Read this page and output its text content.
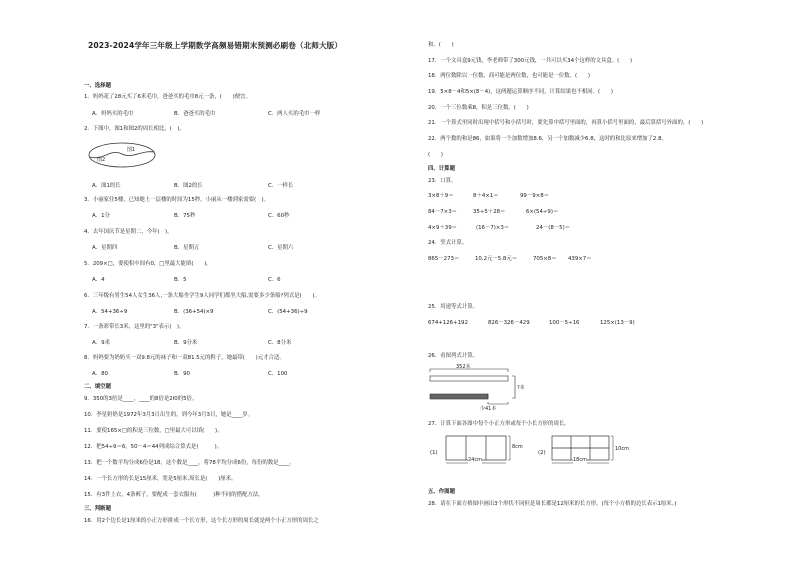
2023-2024学年三年级上学期数学高频易错期末预测必刷卷（北师大版）
一、选择题
1．妈妈花了28元买了6米毛巾，爸爸买的毛巾8元一条，(　　)便宜。
A．妈妈买的毛巾	B．爸爸买的毛巾	C．两人买的毛巾一样
2．下图中，图1和图2的周长相比，(　)。
图1
图2
A．图1的长	B．图2的长	C．一样长
3．小丽家住5楼，已知她上一层楼的时间为15秒，小丽从一楼到家需要(　)。
A．1分	B．75秒	C．60秒
4．去年国庆节是星期二，今年(　)。
A．星期四	B．星期五	C．星期六
5．209×□，要使积中间有0，□里最大能填(　　)。
A．4	B．5	C．6
6．三年级有男生54人女生36人,一条大船坐学生9人同学们都坐大船,需要多少条船?列式是(　　)。
A．54+36÷9	B．(36+54)×9	C．(54+36)÷9
7．一条彩带长3米，这里的"3"表示(　)。
A．9米	B．9分米	C．8分米
8．妈妈要为奶奶买一双9.8元的袜子和一双81.5元的鞋子，她最带(　　)元才合适。
A．80	B．90	C．100
二、填空题
9．350的3倍是____，____的8倍是2I0的5倍。
10．李星奶奶是1972年3月3日出生的，到今年3月3日，她是____岁。
11．要使165×□的积是三位数，□里最大可以填(　　)。
12．把54÷9＝6，50－4＝44列成综合算式是(　　　)。
13．把一个数平均分成6份是18，这个数是____，将78平均分成6份，每份的数是____。
14．一个长方形的长是15厘米，宽是5厘米,周长是(　　)厘米。
15．有3件上衣，4条裤子，要配成一套衣服有(　　　)种不同的搭配方法。
三、判断题
16．用2个边长是1厘米的小正方形拼成一个长方形，这个长方形的周长就是两个小正方形的周长之
和。(　　)
17．一个文具盒9元钱，李老师带了300元钱，一共可以买34个这样的文具盒。(　　)
18．两位数除以一位数，商可能是两位数，也可能是一位数。(　　)
19．5×8－4和5×(8－4)，这两题运算顺序不同，计算结果也不相同。(　　)
20．一个三位数乘8，积是三位数。(　　)
21．一个算式里同时出现中括号和小括号时，要先算中括号里面的，再算小括号里面的，最后算括号外面的。(　　)
22．两个数的和是86，如果将一个加数增加8.6，另一个加数减少6.8，这时的和比原来增加了2.8。
(　　)
四、计算题
23．口算。
3×8＋9＝	8＋4×1＝	99－9×8＝
84－7×3＝	35÷5＋28＝	6×(54÷9)＝
4×9＋39＝	(16－7)×3＝	24－(8－5)＝
24．竖式计算。
865－273＝	10.2元－5.8元＝	705×8＝ 439×7＝
25．用递等式计算。
674+126+192	826－326－429	100－5÷16	125×(13－9)
26．看图列式计算。
352本
?本
少41本
27．计算下面各图中每个小正方形或每个小长方形的周长。
(1)
8cm
24cm
(2)
10cm
18cm
五、作图题
28．请在下面方格图中画出3个形状不同但是周长都是12厘米的长方形。(每个小方格的边长表示1厘米。)
